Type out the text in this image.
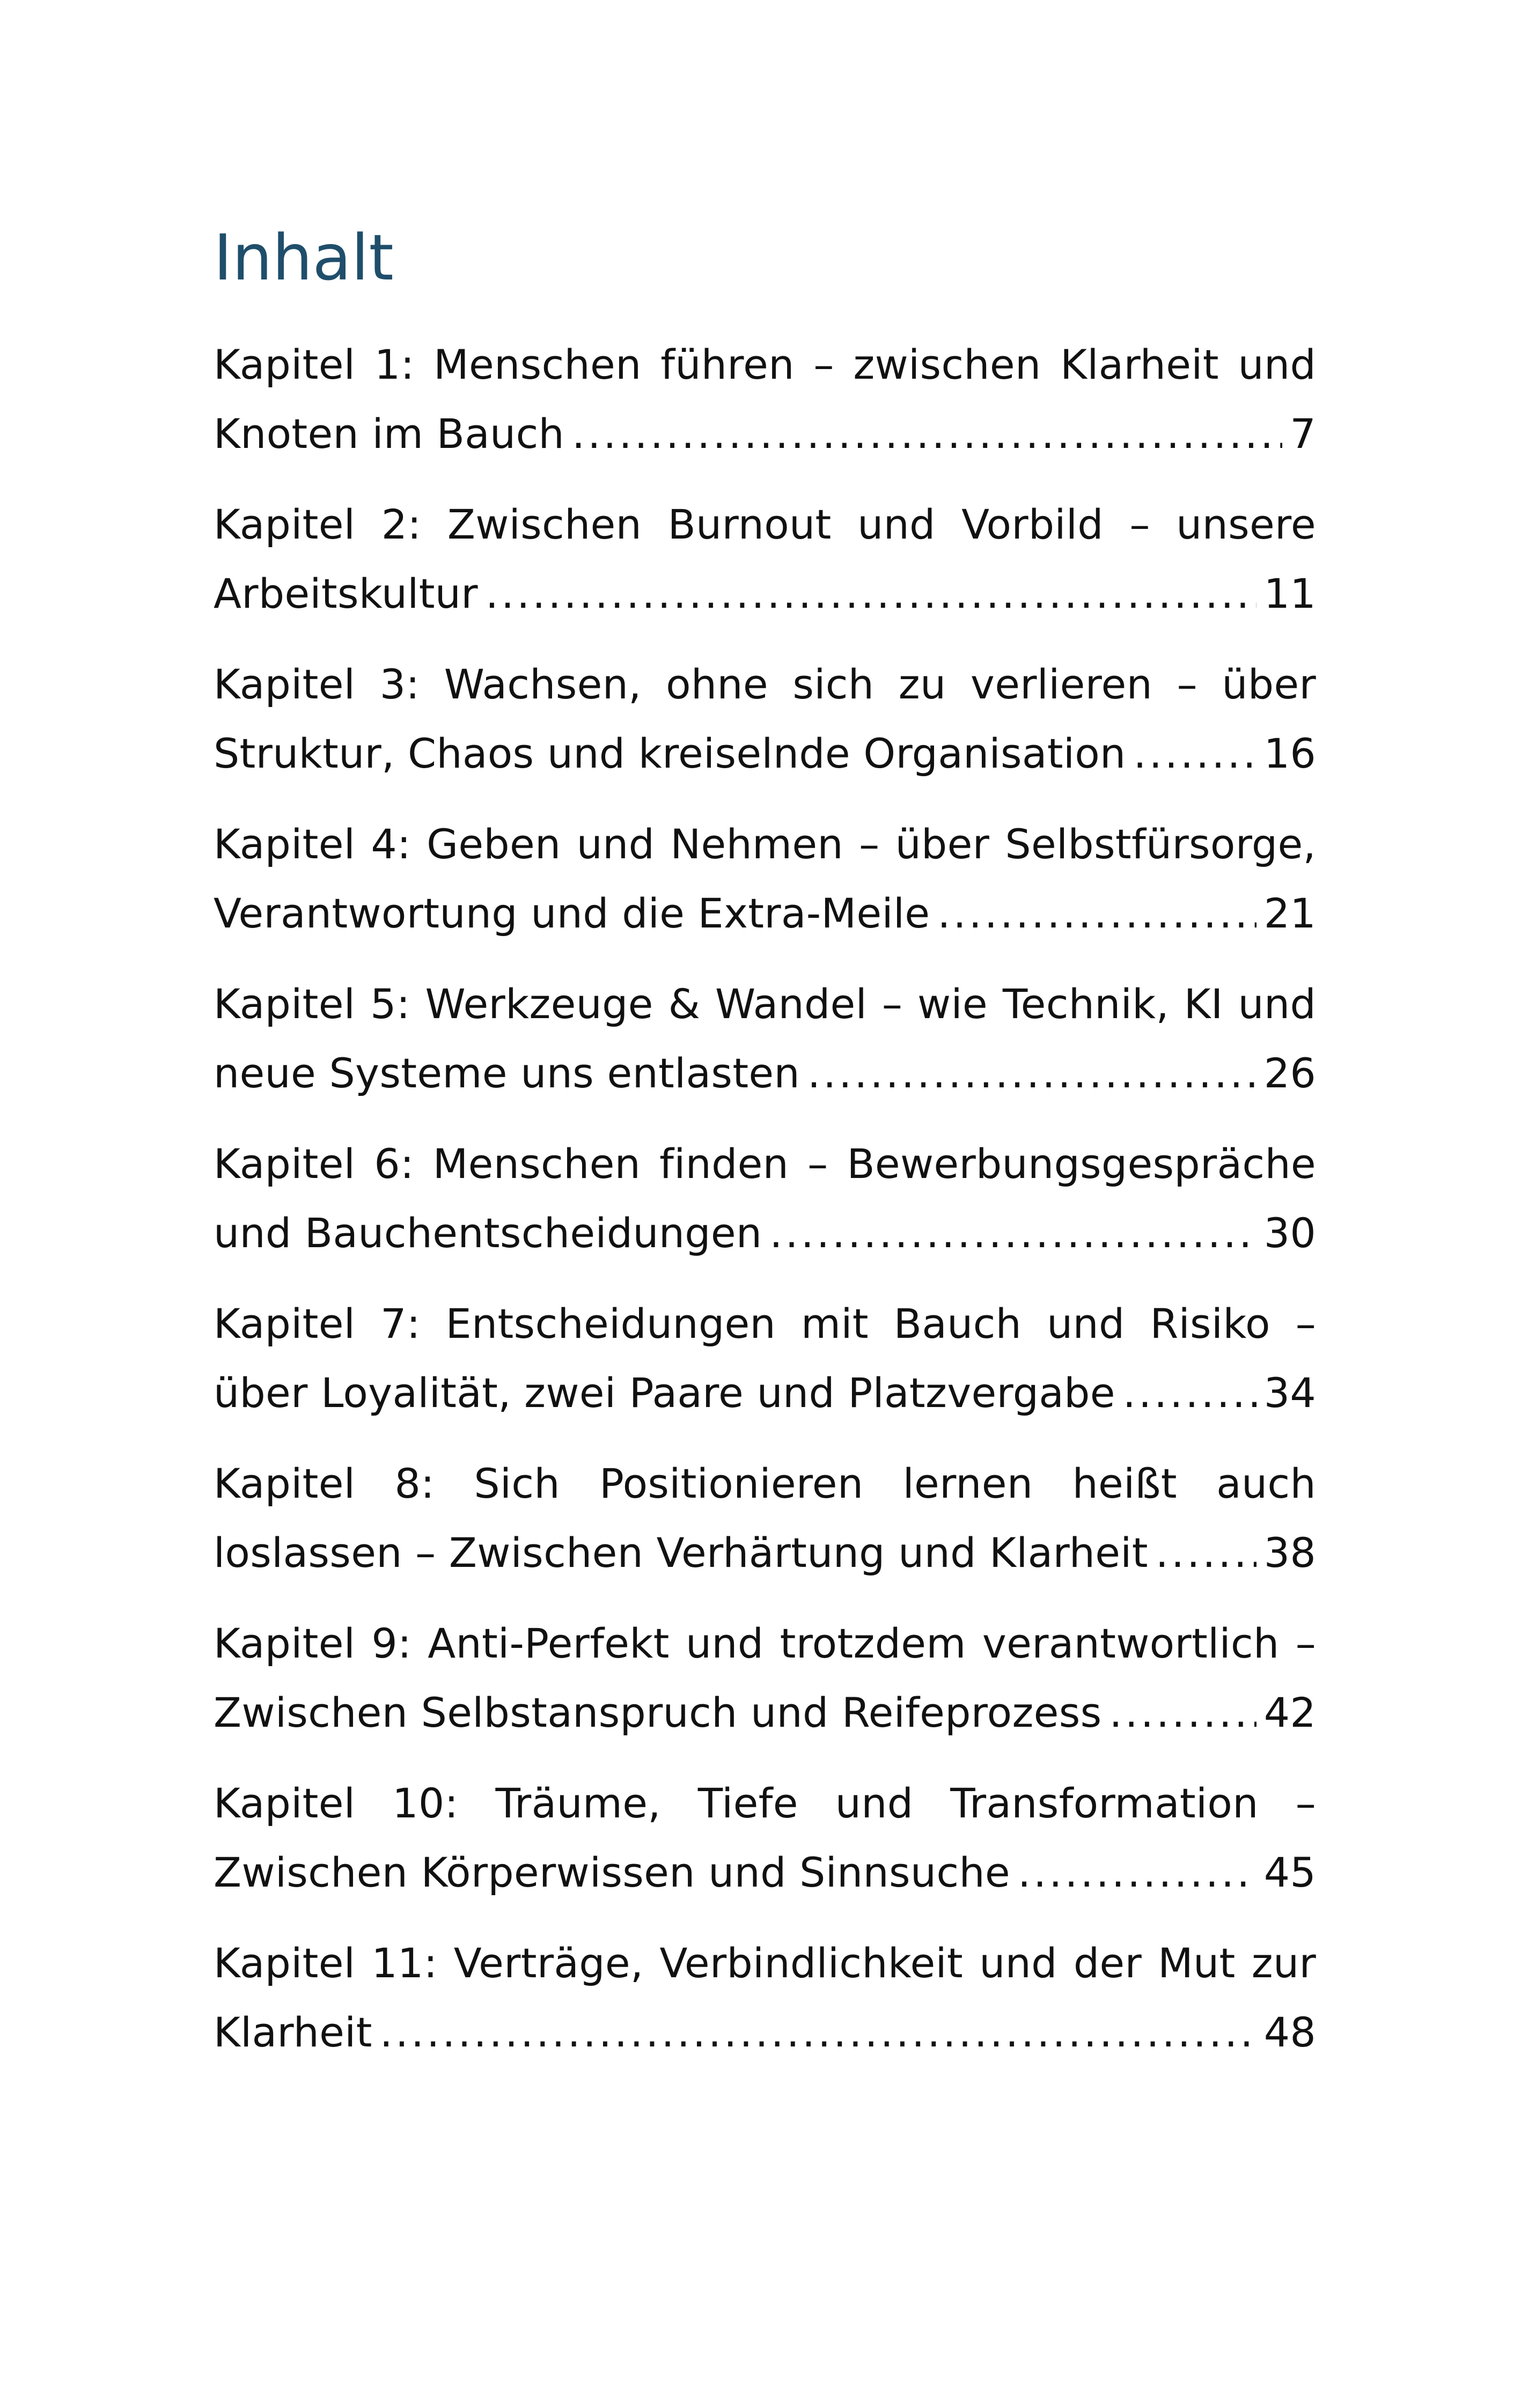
Inhalt
Kapitel 1: Menschen führen – zwischen Klarheit und
Knoten im Bauch .....	7
Kapitel 2: Zwischen Burnout und Vorbild – unsere
Arbeitskultur .....	11
Kapitel 3: Wachsen, ohne sich zu verlieren – über
Struktur, Chaos und kreiselnde Organisation .....	16
Kapitel 4: Geben und Nehmen – über Selbstfürsorge,
Verantwortung und die Extra-Meile .....	21
Kapitel 5: Werkzeuge & Wandel – wie Technik, KI und
neue Systeme uns entlasten .....	26
Kapitel 6: Menschen finden – Bewerbungsgespräche
und Bauchentscheidungen .....	30
Kapitel 7: Entscheidungen mit Bauch und Risiko –
über Loyalität, zwei Paare und Platzvergabe .....	34
Kapitel 8: Sich Positionieren lernen heißt auch
loslassen – Zwischen Verhärtung und Klarheit .....	38
Kapitel 9: Anti-Perfekt und trotzdem verantwortlich –
Zwischen Selbstanspruch und Reifeprozess .....	42
Kapitel 10: Träume, Tiefe und Transformation –
Zwischen Körperwissen und Sinnsuche .....	45
Kapitel 11: Verträge, Verbindlichkeit und der Mut zur
Klarheit .....	48
